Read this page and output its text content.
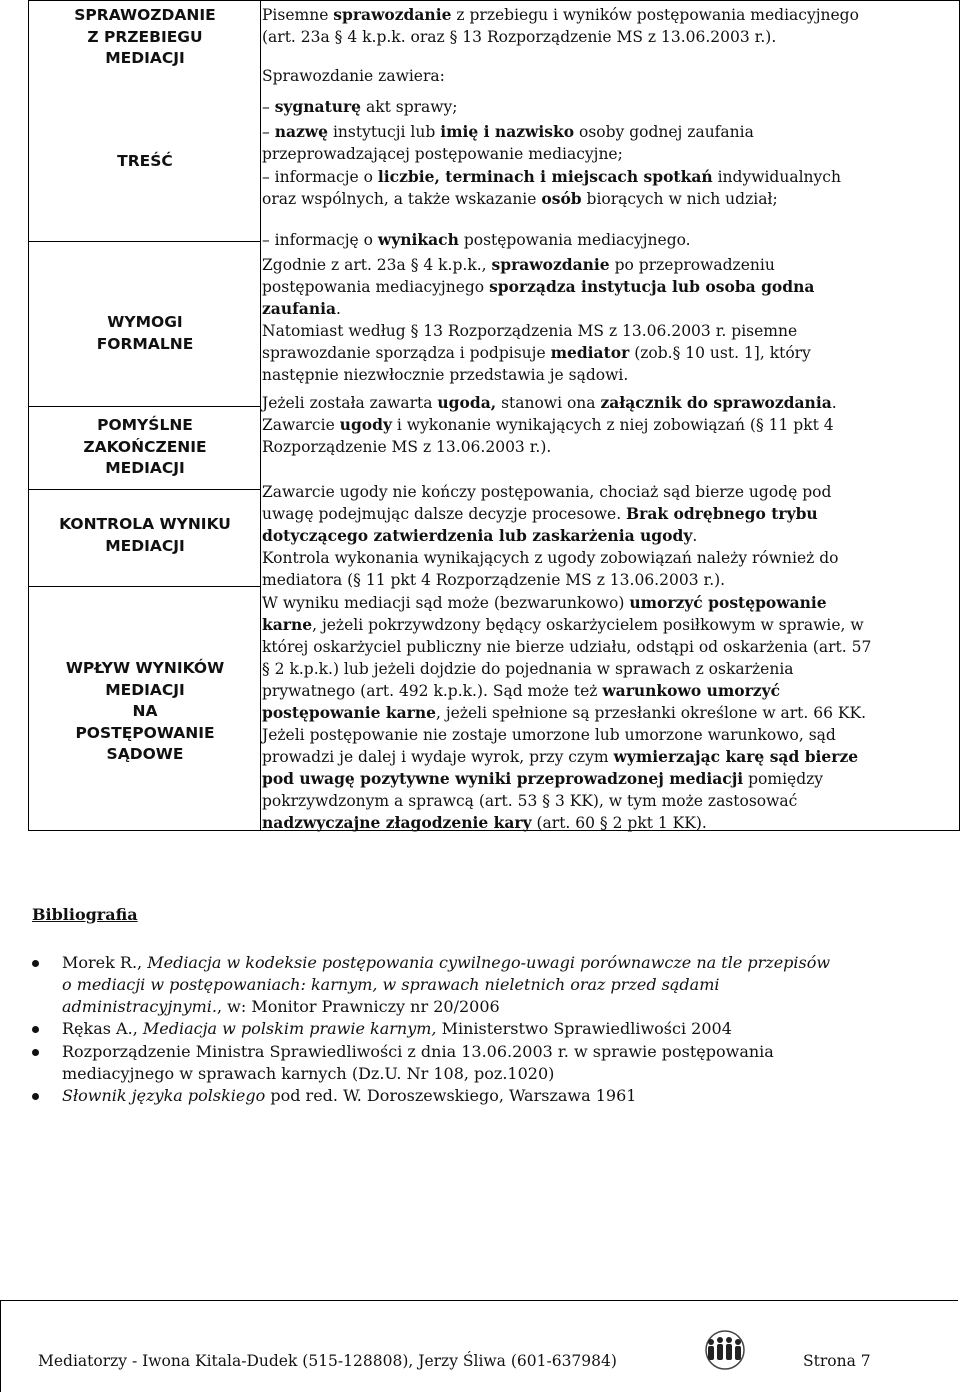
SPRAWOZDANIE
Z PRZEBIEGU
MEDIACJI
TREŚĆ
WYMOGI
FORMALNE
POMYŚLNE
ZAKOŃCZENIE
MEDIACJI
KONTROLA WYNIKU
MEDIACJI
WPŁYW WYNIKÓW
MEDIACJI
NA
POSTĘPOWANIE
SĄDOWE
Pisemne sprawozdanie z przebiegu i wyników postępowania mediacyjnego
(art. 23a § 4 k.p.k. oraz § 13 Rozporządzenie MS z 13.06.2003 r.).
Sprawozdanie zawiera:
– sygnaturę akt sprawy;
– nazwę instytucji lub imię i nazwisko osoby godnej zaufania
przeprowadzającej postępowanie mediacyjne;
– informacje o liczbie, terminach i miejscach spotkań indywidualnych
oraz wspólnych, a także wskazanie osób biorących w nich udział;
– informację o wynikach postępowania mediacyjnego.
Zgodnie z art. 23a § 4 k.p.k., sprawozdanie po przeprowadzeniu
postępowania mediacyjnego sporządza instytucja lub osoba godna
zaufania.
Natomiast według § 13 Rozporządzenia MS z 13.06.2003 r. pisemne
sprawozdanie sporządza i podpisuje mediator (zob.§ 10 ust. 1], który
następnie niezwłocznie przedstawia je sądowi.
Jeżeli została zawarta ugoda, stanowi ona załącznik do sprawozdania.
Zawarcie ugody i wykonanie wynikających z niej zobowiązań (§ 11 pkt 4
Rozporządzenie MS z 13.06.2003 r.).
Zawarcie ugody nie kończy postępowania, chociaż sąd bierze ugodę pod
uwagę podejmując dalsze decyzje procesowe. Brak odrębnego trybu
dotyczącego zatwierdzenia lub zaskarżenia ugody.
Kontrola wykonania wynikających z ugody zobowiązań należy również do
mediatora (§ 11 pkt 4 Rozporządzenie MS z 13.06.2003 r.).
W wyniku mediacji sąd może (bezwarunkowo) umorzyć postępowanie
karne, jeżeli pokrzywdzony będący oskarżycielem posiłkowym w sprawie, w
której oskarżyciel publiczny nie bierze udziału, odstąpi od oskarżenia (art. 57
§ 2 k.p.k.) lub jeżeli dojdzie do pojednania w sprawach z oskarżenia
prywatnego (art. 492 k.p.k.). Sąd może też warunkowo umorzyć
postępowanie karne, jeżeli spełnione są przesłanki określone w art. 66 KK.
Jeżeli postępowanie nie zostaje umorzone lub umorzone warunkowo, sąd
prowadzi je dalej i wydaje wyrok, przy czym wymierzając karę sąd bierze
pod uwagę pozytywne wyniki przeprowadzonej mediacji pomiędzy
pokrzywdzonym a sprawcą (art. 53 § 3 KK), w tym może zastosować
nadzwyczajne złagodzenie kary (art. 60 § 2 pkt 1 KK).
Bibliografia
Morek R., Mediacja w kodeksie postępowania cywilnego-uwagi porównawcze na tle przepisów
o mediacji w postępowaniach: karnym, w sprawach nieletnich oraz przed sądami
administracyjnymi., w: Monitor Prawniczy nr 20/2006
Rękas A., Mediacja w polskim prawie karnym, Ministerstwo Sprawiedliwości 2004
Rozporządzenie Ministra Sprawiedliwości z dnia 13.06.2003 r. w sprawie postępowania
mediacyjnego w sprawach karnych (Dz.U. Nr 108, poz.1020)
Słownik języka polskiego pod red. W. Doroszewskiego, Warszawa 1961
Mediatorzy - Iwona Kitala-Dudek (515-128808), Jerzy Śliwa (601-637984)	Strona 7
